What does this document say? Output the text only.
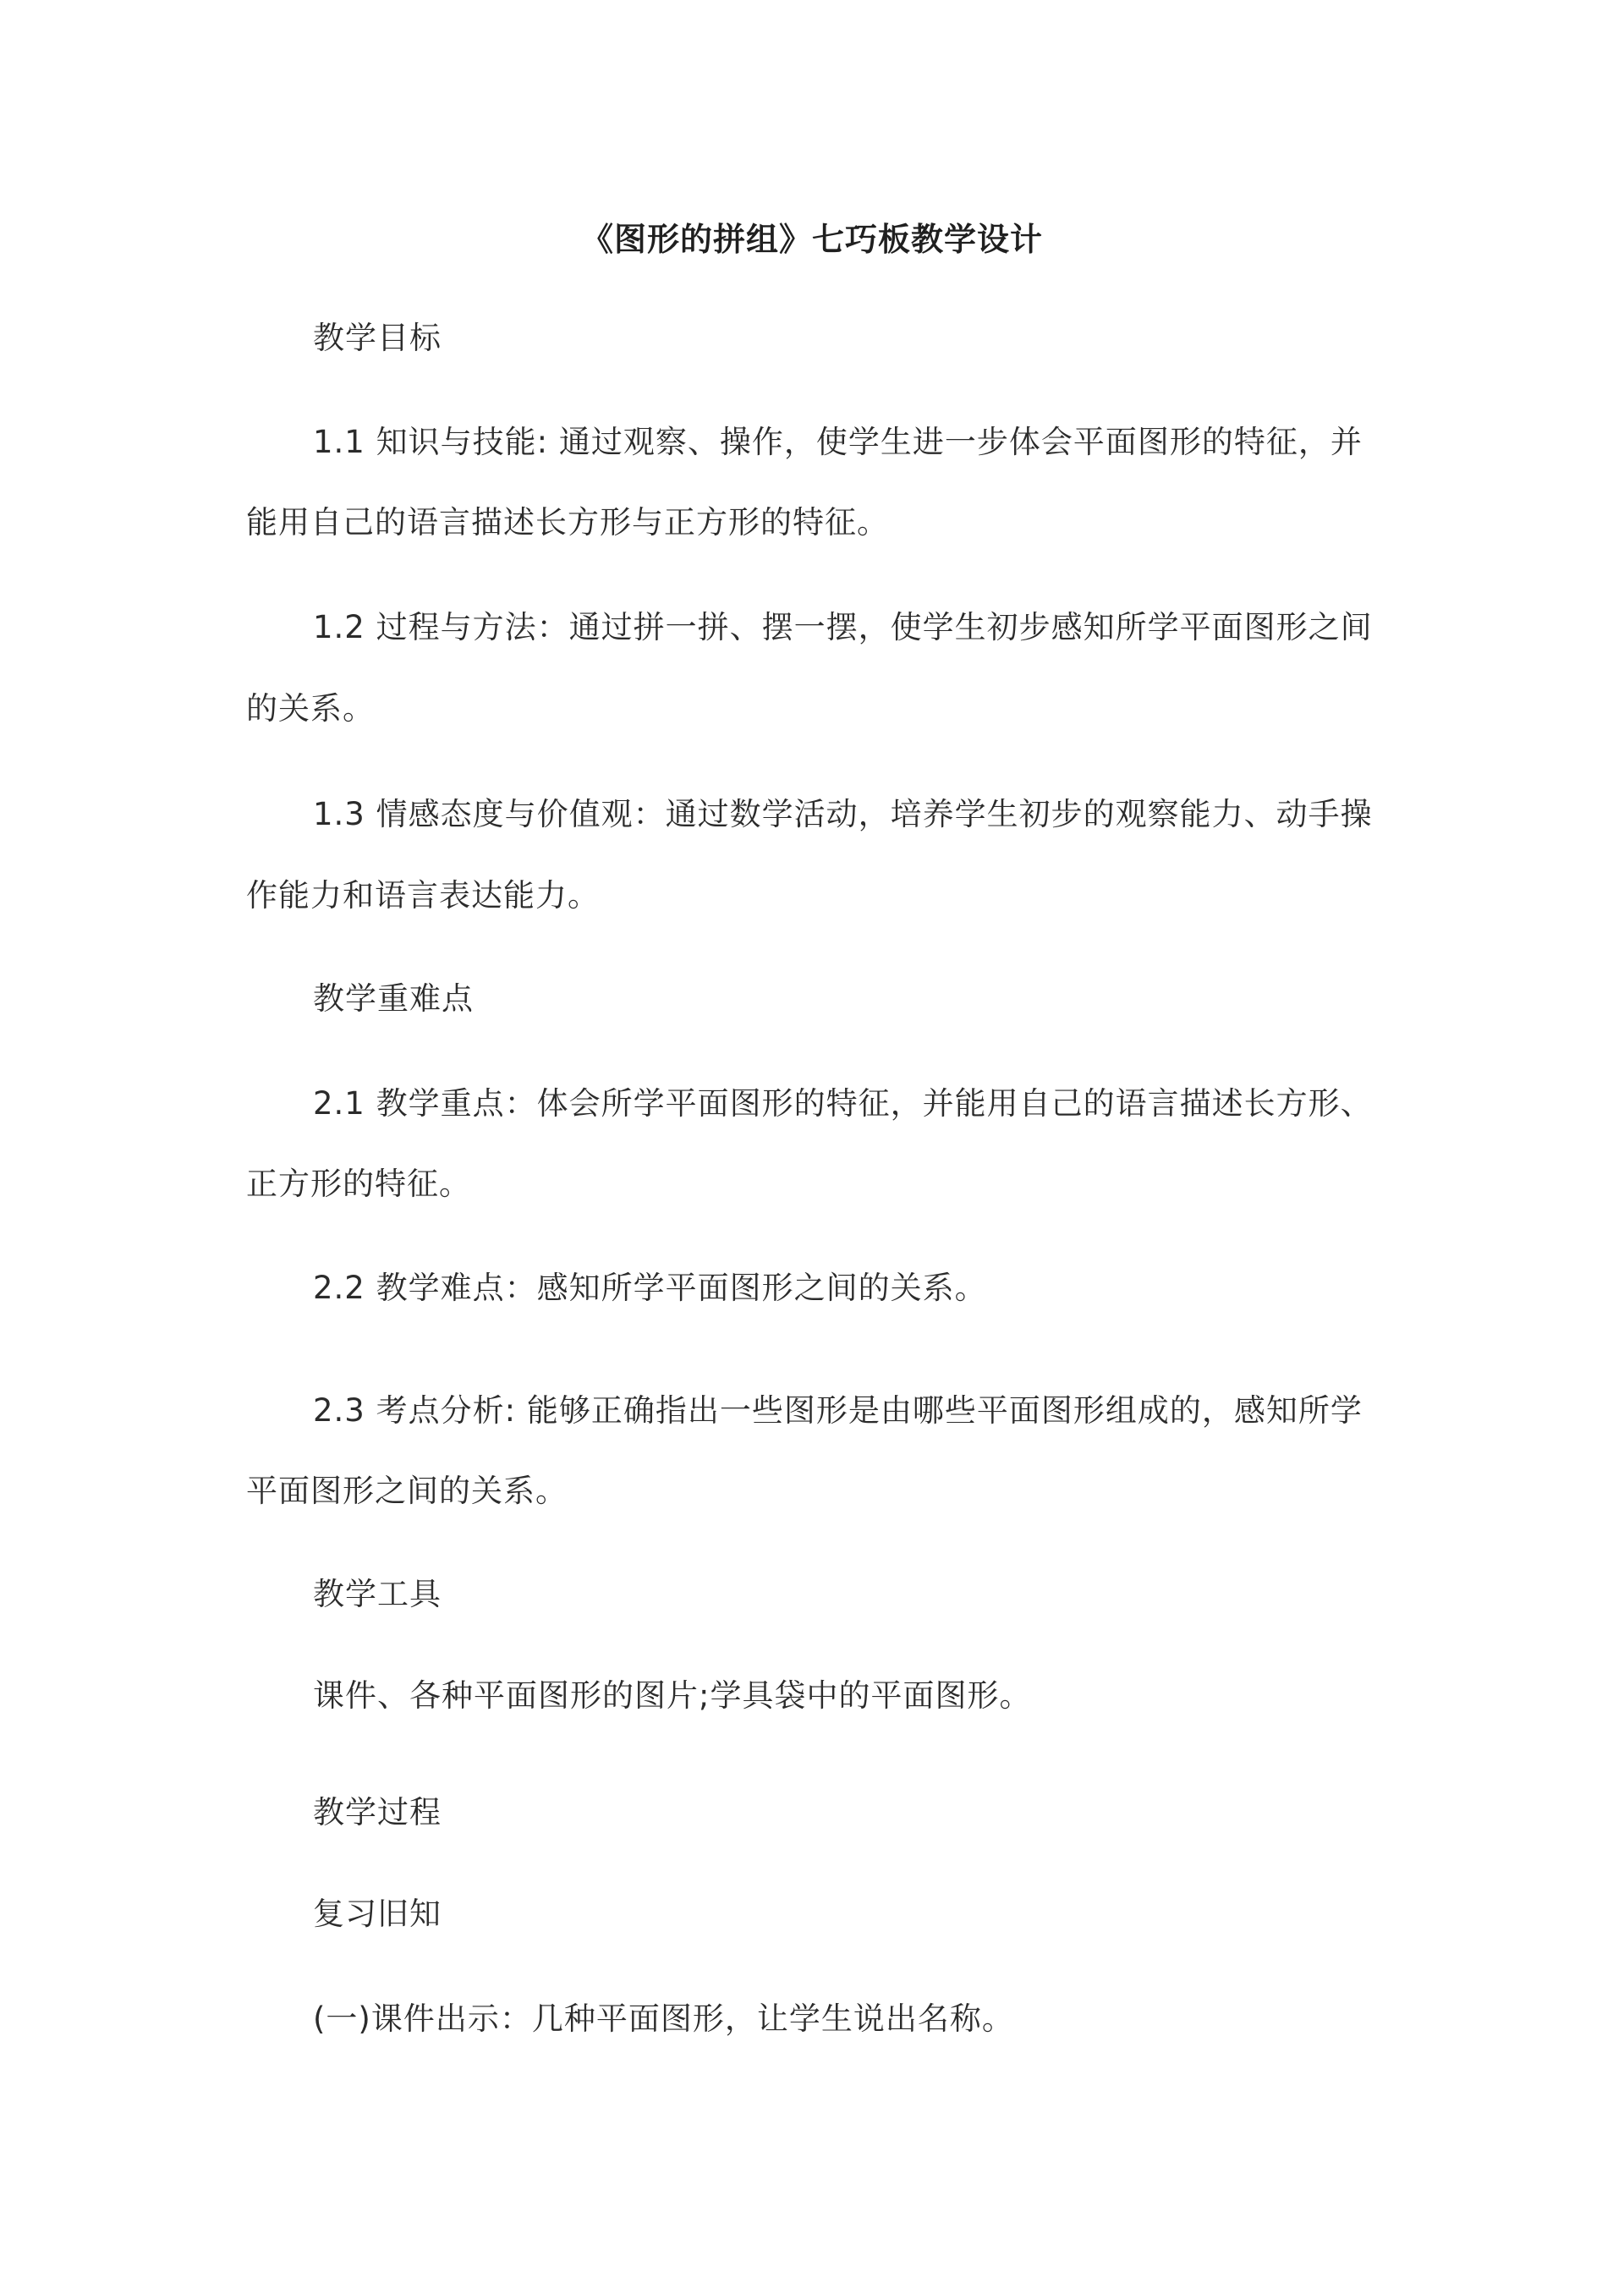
《图形的拼组》七巧板教学设计
教学目标
1.1 知识与技能: 通过观察、操作，使学生进一步体会平面图形的特征，并
能用自己的语言描述长方形与正方形的特征。
1.2 过程与方法：通过拼一拼、摆一摆，使学生初步感知所学平面图形之间
的关系。
1.3 情感态度与价值观：通过数学活动，培养学生初步的观察能力、动手操
作能力和语言表达能力。
教学重难点
2.1 教学重点：体会所学平面图形的特征，并能用自己的语言描述长方形、
正方形的特征。
2.2 教学难点：感知所学平面图形之间的关系。
2.3 考点分析: 能够正确指出一些图形是由哪些平面图形组成的，感知所学
平面图形之间的关系。
教学工具
课件、各种平面图形的图片;学具袋中的平面图形。
教学过程
复习旧知
(一)课件出示：几种平面图形，让学生说出名称。
